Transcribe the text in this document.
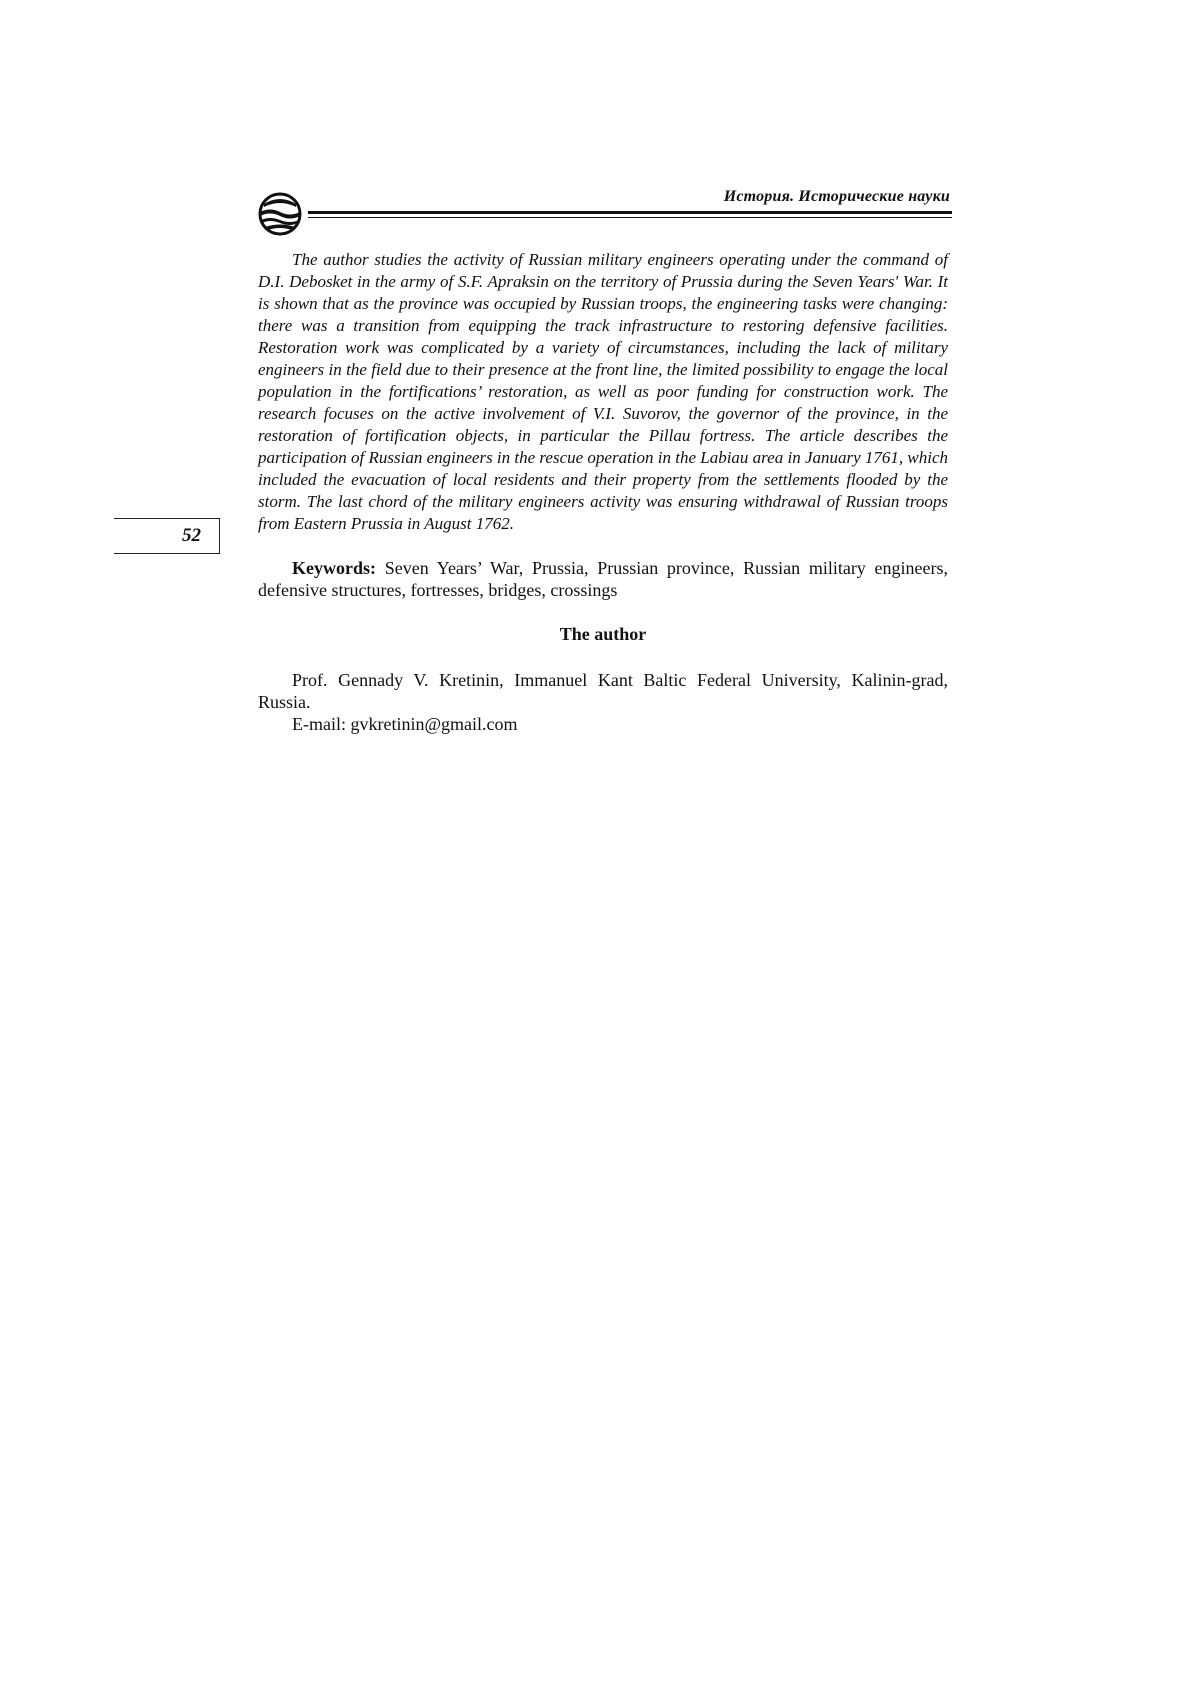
История. Исторические науки
52

The author studies the activity of Russian military engineers operating under the command of D.I. Debosket in the army of S.F. Apraksin on the territory of Prussia during the Seven Years' War. It is shown that as the province was occupied by Russian troops, the engineering tasks were changing: there was a transition from equipping the track infrastructure to restoring defensive facilities. Restoration work was complicated by a variety of circumstances, including the lack of military engineers in the field due to their presence at the front line, the limited possibility to engage the local population in the fortifications’ restoration, as well as poor funding for construction work. The research focuses on the active involvement of V.I. Suvorov, the governor of the province, in the restoration of fortification objects, in particular the Pillau fortress. The article describes the participation of Russian engineers in the rescue operation in the Labiau area in January 1761, which included the evacuation of local residents and their property from the settlements flooded by the storm. The last chord of the military engineers activity was ensuring withdrawal of Russian troops from Eastern Prussia in August 1762.

Keywords: Seven Years’ War, Prussia, Prussian province, Russian military engineers, defensive structures, fortresses, bridges, crossings

The author

Prof. Gennady V. Kretinin, Immanuel Kant Baltic Federal University, Kalinin-grad, Russia.

E-mail: gvkretinin@gmail.com
